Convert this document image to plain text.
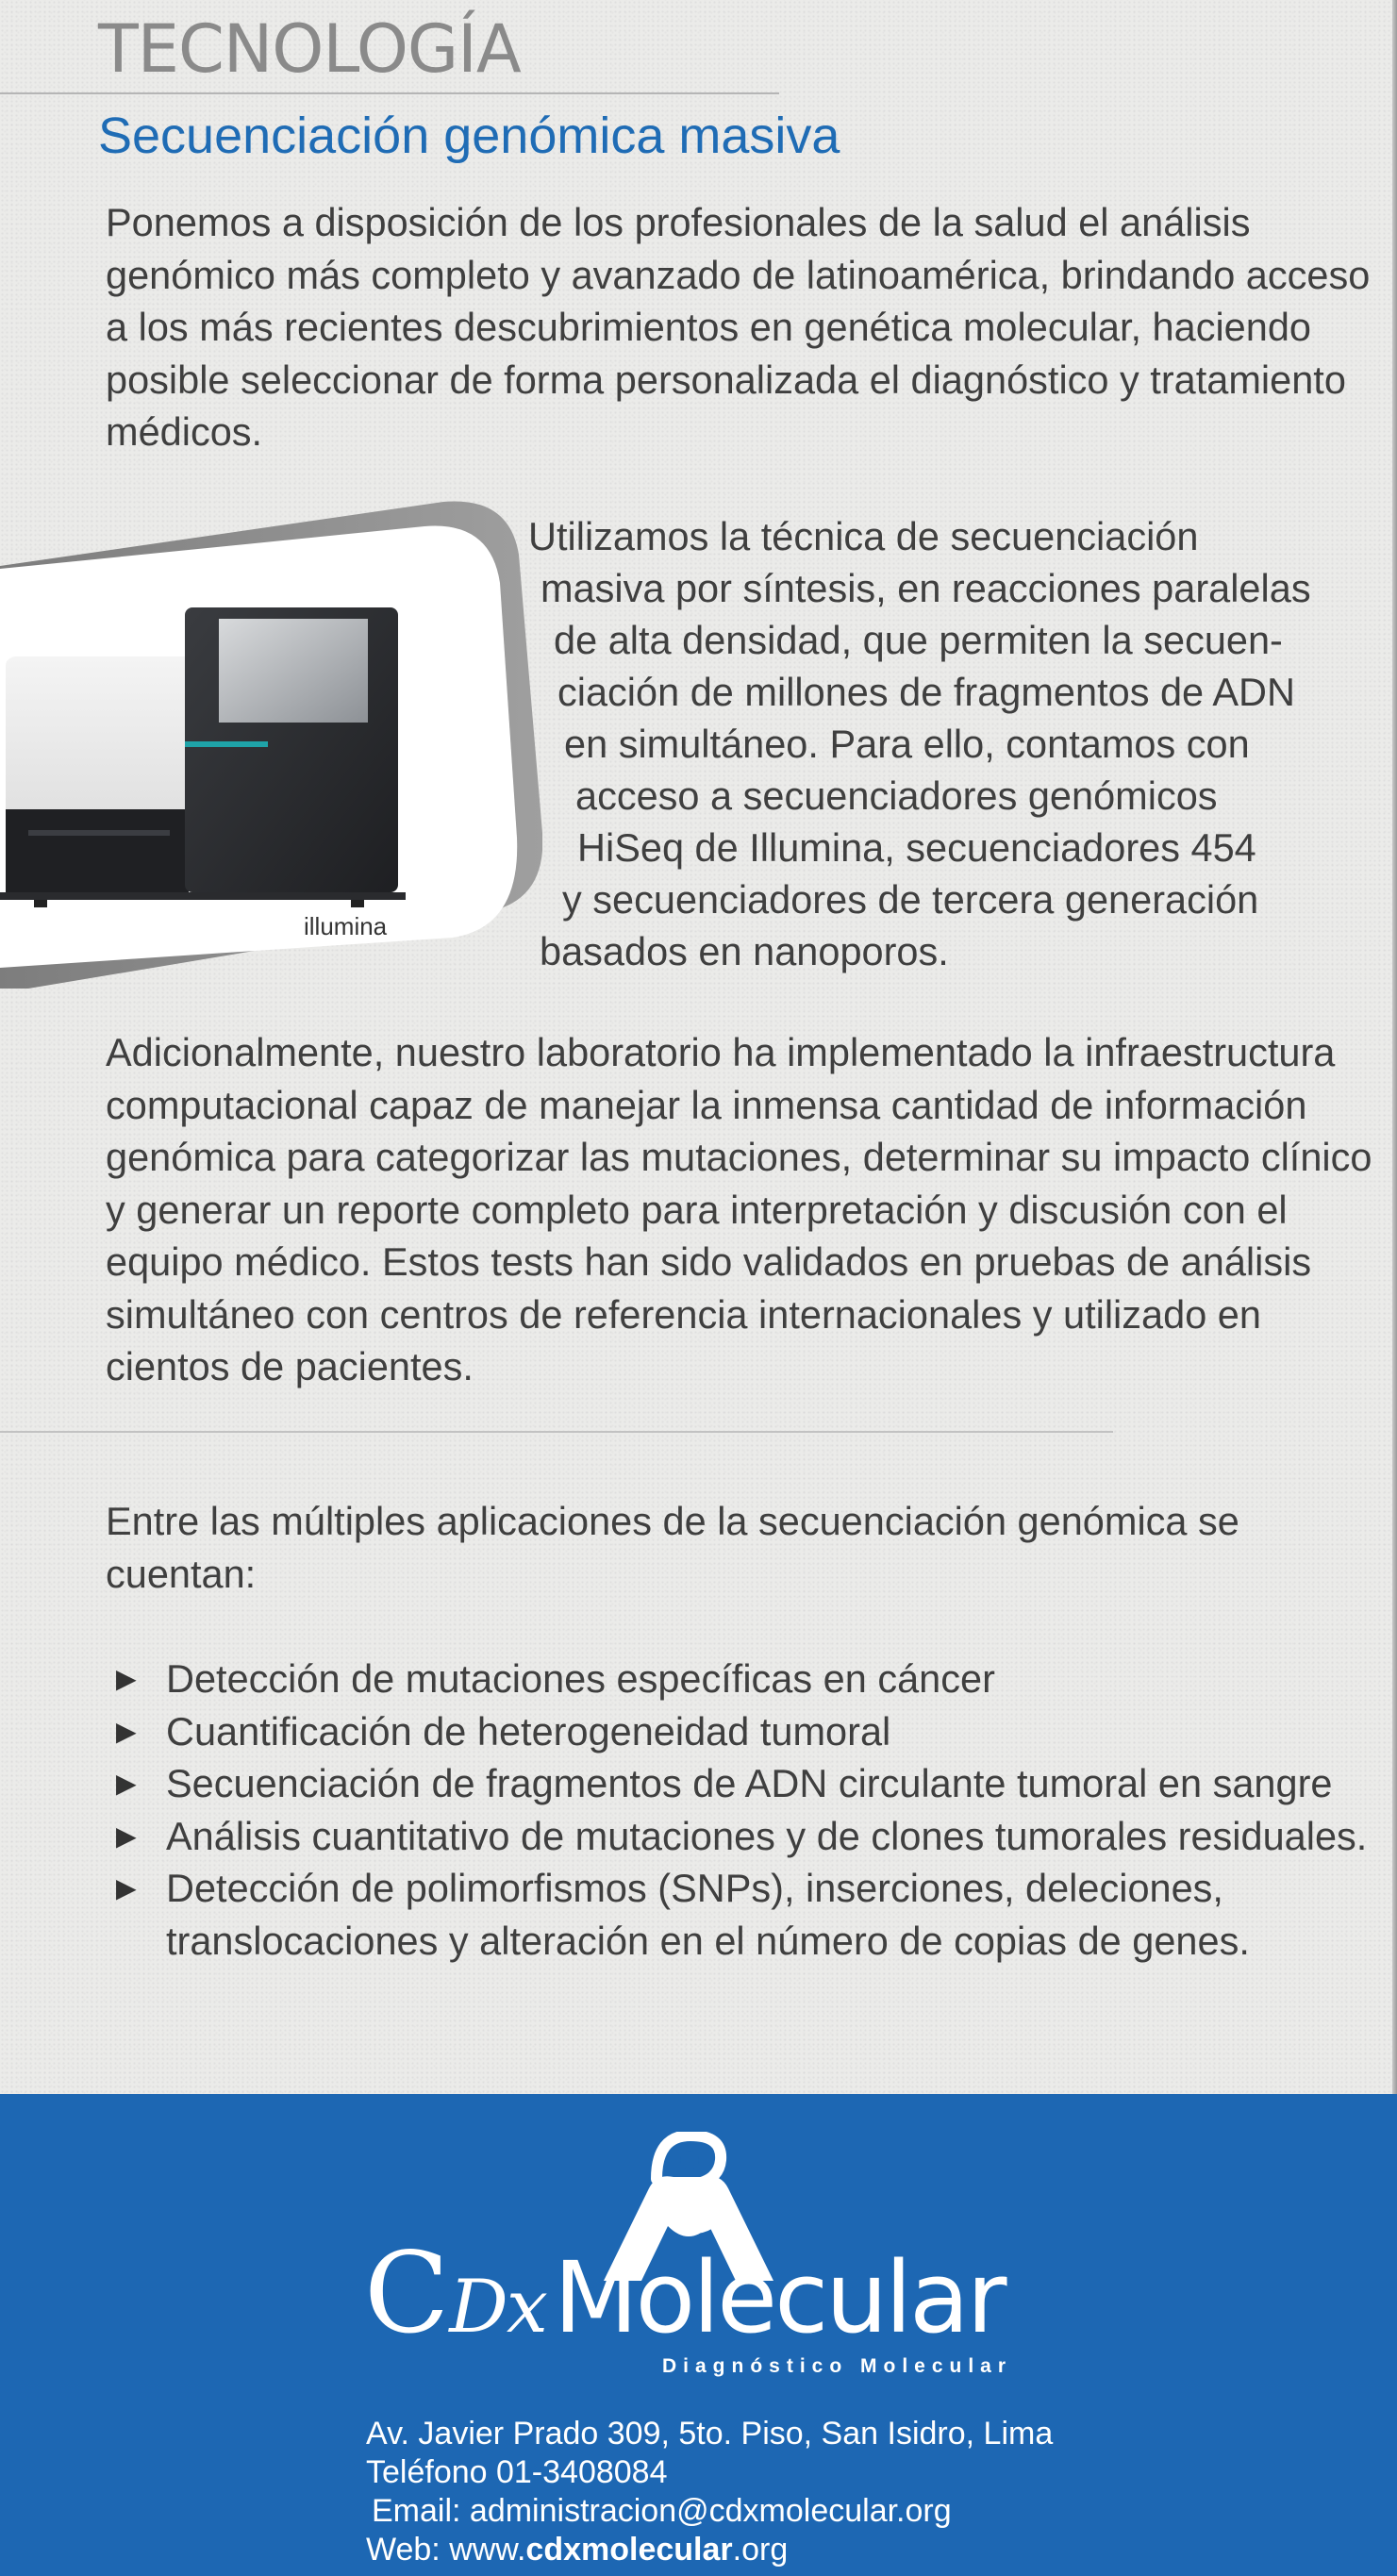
TECNOLOGÍA
Secuenciación genómica masiva

Ponemos a disposición de los profesionales de la salud el análisis genómico más completo y avanzado de latinoamérica, brindando acceso a los más recientes descubrimientos en genética molecular, haciendo posible seleccionar de forma personalizada el diagnóstico y tratamiento médicos.

illumina
Utilizamos la técnica de secuenciación
masiva por síntesis, en reacciones paralelas
de alta densidad, que permiten la secuen-
ciación de millones de fragmentos de ADN
en simultáneo. Para ello, contamos con
acceso a secuenciadores genómicos
HiSeq de Illumina, secuenciadores 454
y secuenciadores de tercera generación
basados en nanoporos.

Adicionalmente, nuestro laboratorio ha implementado la infraestructura computacional capaz de manejar la inmensa cantidad de información genómica para categorizar las mutaciones, determinar su impacto clínico y generar un reporte completo para interpretación y discusión con el equipo médico. Estos tests han sido validados en pruebas de análisis simultáneo con centros de referencia internacionales y utilizado en cientos de pacientes.

Entre las múltiples aplicaciones de la secuenciación genómica se cuentan:

► Detección de mutaciones específicas en cáncer
► Cuantificación de heterogeneidad tumoral
► Secuenciación de fragmentos de ADN circulante tumoral en sangre
► Análisis cuantitativo de mutaciones y de clones tumorales residuales.
► Detección de polimorfismos (SNPs), inserciones, deleciones, translocaciones y alteración en el número de copias de genes.
CDxMolecular
Diagnóstico Molecular
Av. Javier Prado 309, 5to. Piso, San Isidro, Lima
Teléfono 01-3408084
Email: administracion@cdxmolecular.org
Web: www.cdxmolecular.org
